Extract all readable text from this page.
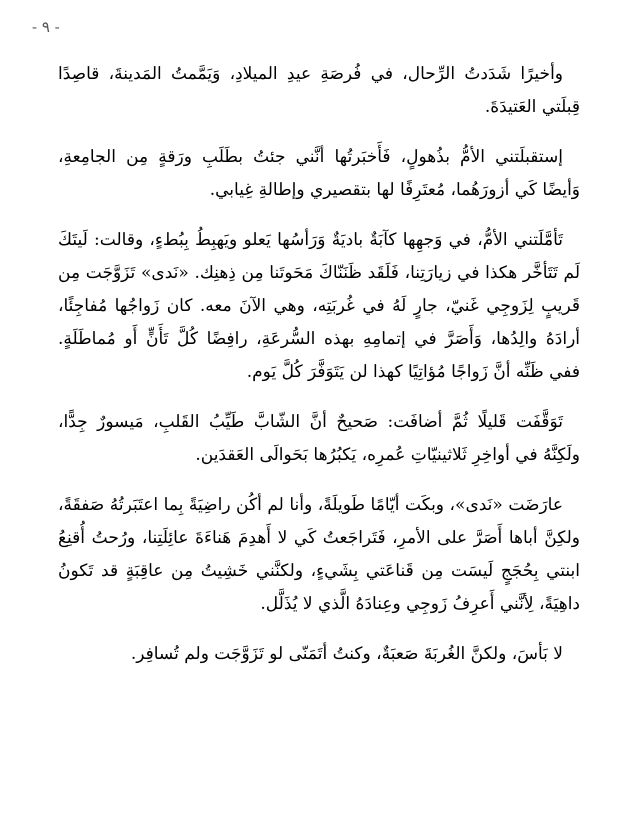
- ٩ -

وأخيرًا شَدَدتُ الرِّحال، في فُرصَةِ عيدِ الميلادِ، وَيَمَّمتُ المَدينةَ، قاصِدًا قِبلَتي العَتيدَةَ.

إستقبلَتني الأمُّ بذُهولٍ، فَأَخبَرتُها أنَّني جئتُ بطَلَبِ ورَقةٍ مِن الجامِعةِ، وَأيضًا كَي أزورَهُما، مُعتَرِفًا لها بتقصيري وإطالةِ غِيابي.

تَأمَّلَتني الأمُّ، في وَجهِها كآبَةٌ باديَةٌ وَرَأسُها يَعلو ويَهبِطُ بِبُطءٍ، وقالت: لَيتَكَ لَم تَتَأخَّر هكذا في زيارَتِنا، فَلَقَد ظَنَنّاكَ مَحَوتَنا مِن ذِهنِك. «نَدى» تَزَوَّجَت مِن قَريبٍ لِزَوجِي غَنيّ، جارٍ لَهُ في غُربَتِه، وهي الآنَ معه. كان زَواجُها مُفاجِئًا، أرادَهُ والِدُها، وَأَصَرَّ في إتمامِهِ بهذه السُّرعَةِ، رافِضًا كُلَّ تَأَنٍّ أَو مُماطَلَةٍ. ففي ظَنِّه أنَّ زَواجًا مُؤاتِيًا كهذا لن يَتَوَفَّرَ كُلَّ يَوم.

تَوَقَّفَت قَليلًا ثُمَّ أضافَت: صَحيحٌ أنَّ الشّابَّ طَيِّبُ القَلبِ، مَيسورٌ جِدًّا، ولَكِنَّهُ في أواخِرِ ثَلاثينيّاتِ عُمرِه، يَكبُرُها بَحَوالَى العَقدَين.

عارَضَت «نَدى»، وبكَت أيّامًا طَويلَةً، وأنا لم أكُن راضِيَةً بِما اعتَبَرتُهُ صَفقَةً، ولكِنَّ أباها أَصَرَّ على الأمرِ، فَتَراجَعتُ كَي لا أَهدِمَ هَناءَةَ عائِلَتِنا، ورُحتُ أُقنِعُ ابنتي بِحُجَجٍ لَيسَت مِن قَناعَتي بِشَيءٍ، ولكنَّني خَشِيتُ مِن عاقِبَةٍ قد تَكونُ داهِيَةً، لِأنَّني أَعرِفُ زَوجِي وعِنادَهُ الَّذي لا يُذَلَّل.

لا بَأسَ، ولكنَّ الغُربَةَ صَعبَةٌ، وكنتُ أتَمَنّى لو تَزَوَّجَت ولم تُسافِر.
